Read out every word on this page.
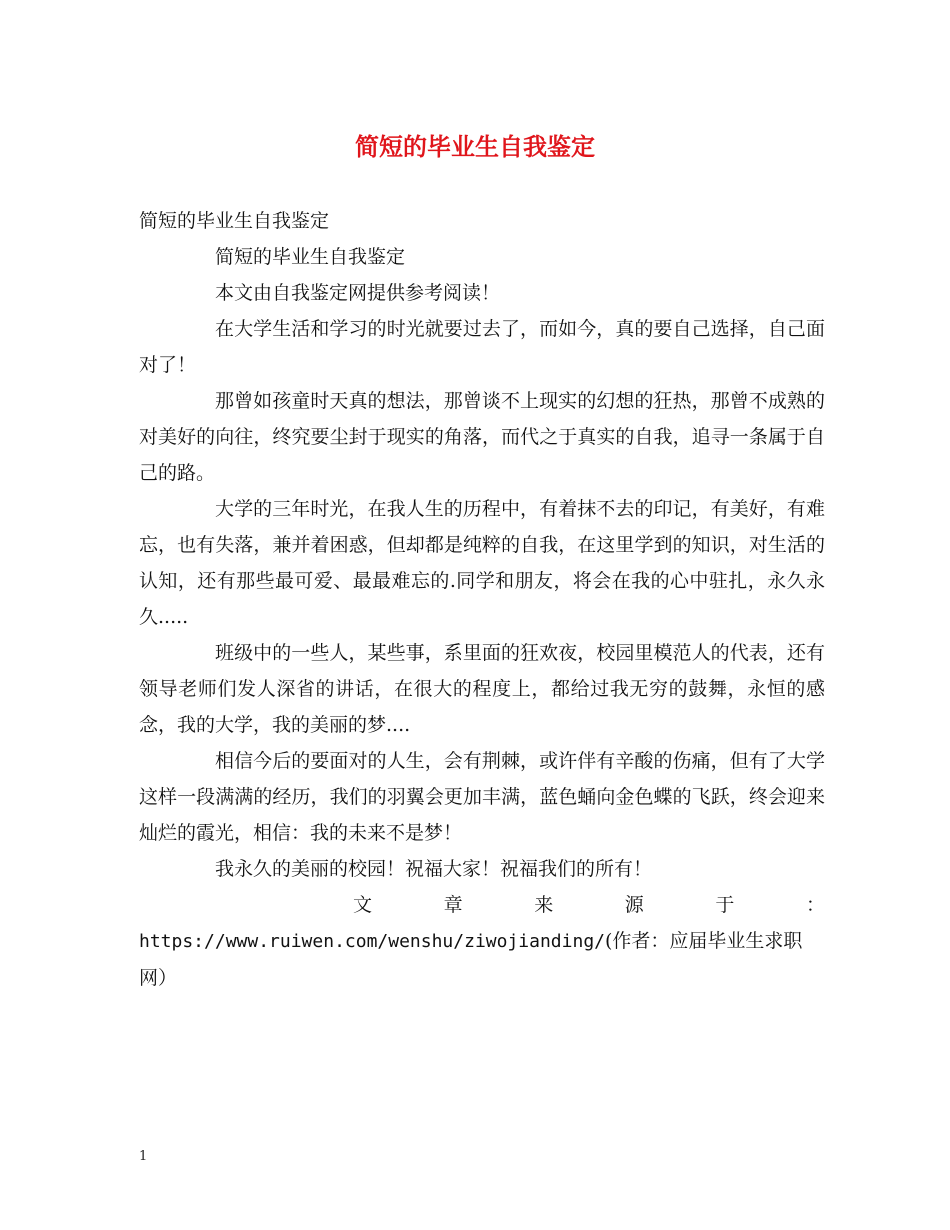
简短的毕业生自我鉴定

简短的毕业生自我鉴定

简短的毕业生自我鉴定

本文由自我鉴定网提供参考阅读！

在大学生活和学习的时光就要过去了，而如今，真的要自己选择，自己面对了！

那曾如孩童时天真的想法，那曾谈不上现实的幻想的狂热，那曾不成熟的对美好的向往，终究要尘封于现实的角落，而代之于真实的自我，追寻一条属于自己的路。

大学的三年时光，在我人生的历程中，有着抹不去的印记，有美好，有难忘，也有失落，兼并着困惑，但却都是纯粹的自我，在这里学到的知识，对生活的认知，还有那些最可爱、最最难忘的.同学和朋友，将会在我的心中驻扎，永久永久.....

班级中的一些人，某些事，系里面的狂欢夜，校园里模范人的代表，还有领导老师们发人深省的讲话，在很大的程度上，都给过我无穷的鼓舞，永恒的感念，我的大学，我的美丽的梦....

相信今后的要面对的人生，会有荆棘，或许伴有辛酸的伤痛，但有了大学这样一段满满的经历，我们的羽翼会更加丰满，蓝色蛹向金色蝶的飞跃，终会迎来灿烂的霞光，相信：我的未来不是梦！

我永久的美丽的校园！祝福大家！祝福我们的所有！

文	章	来	源	于	：

https://www.ruiwen.com/wenshu/ziwojianding/(作者：应届毕业生求职网）

1
